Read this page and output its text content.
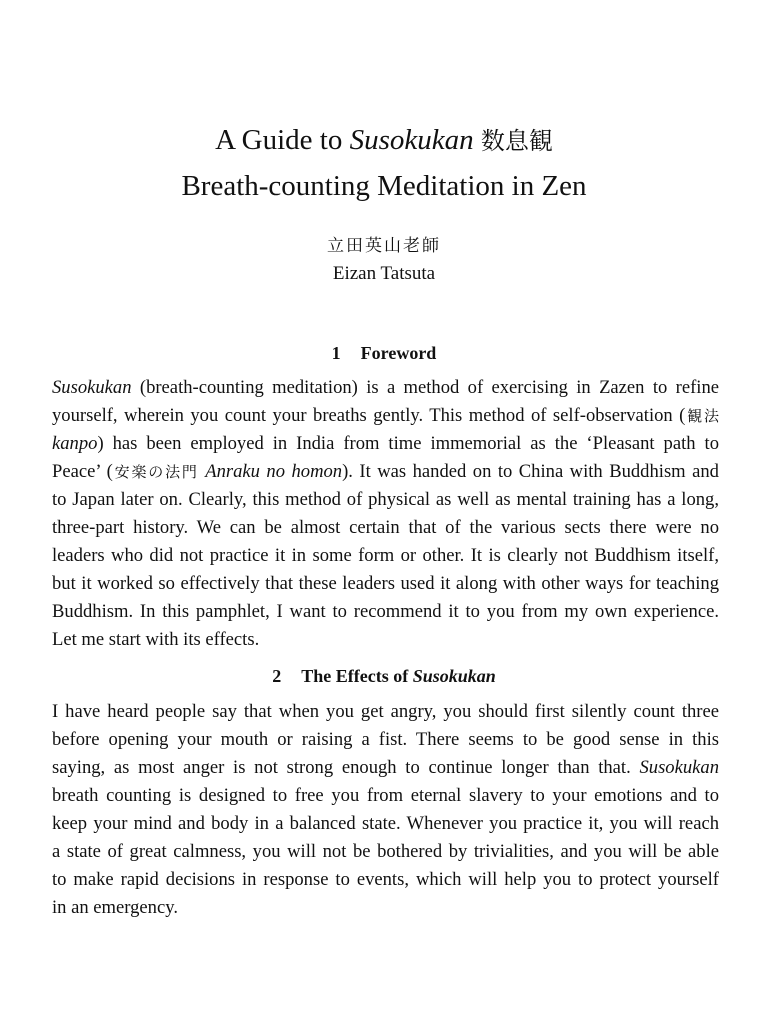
A Guide to Susokukan 数息観
Breath-counting Meditation in Zen
立田英山老師
Eizan Tatsuta
1 Foreword
Susokukan (breath-counting meditation) is a method of exercising in Zazen to refine
yourself, wherein you count your breaths gently. This method of self-observation (観法
kanpo) has been employed in India from time immemorial as the ‘Pleasant path to
Peace’ (安楽の法門 Anraku no homon). It was handed on to China with Buddhism and
to Japan later on. Clearly, this method of physical as well as mental training has a long,
three-part history. We can be almost certain that of the various sects there were no
leaders who did not practice it in some form or other. It is clearly not Buddhism itself,
but it worked so effectively that these leaders used it along with other ways for teaching
Buddhism. In this pamphlet, I want to recommend it to you from my own experience.
Let me start with its effects.
2 The Effects of Susokukan
I have heard people say that when you get angry, you should first silently count three
before opening your mouth or raising a fist. There seems to be good sense in this
saying, as most anger is not strong enough to continue longer than that. Susokukan
breath counting is designed to free you from eternal slavery to your emotions and to
keep your mind and body in a balanced state. Whenever you practice it, you will reach
a state of great calmness, you will not be bothered by trivialities, and you will be able
to make rapid decisions in response to events, which will help you to protect yourself
in an emergency.
